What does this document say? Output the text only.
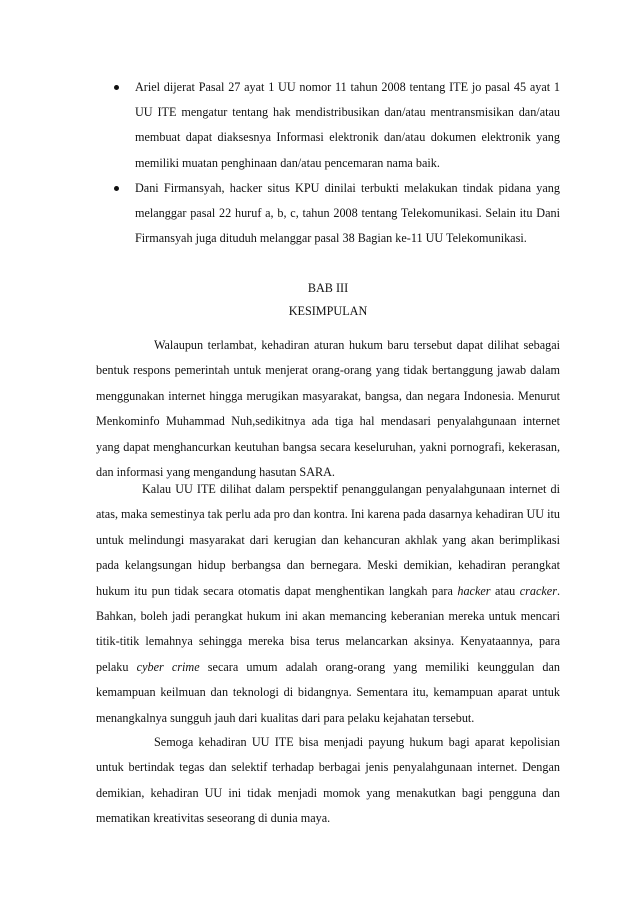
Ariel dijerat Pasal 27 ayat 1 UU nomor 11 tahun 2008 tentang ITE jo pasal 45 ayat 1 UU ITE mengatur tentang hak mendistribusikan dan/atau mentransmisikan dan/atau membuat dapat diaksesnya Informasi elektronik dan/atau dokumen elektronik yang memiliki muatan penghinaan dan/atau pencemaran nama baik.
Dani Firmansyah, hacker situs KPU dinilai terbukti melakukan tindak pidana yang melanggar pasal 22 huruf a, b, c, tahun 2008 tentang Telekomunikasi. Selain itu Dani Firmansyah juga dituduh melanggar pasal 38 Bagian ke-11 UU Telekomunikasi.

BAB III

KESIMPULAN

Walaupun terlambat, kehadiran aturan hukum baru tersebut dapat dilihat sebagai bentuk respons pemerintah untuk menjerat orang-orang yang tidak bertanggung jawab dalam menggunakan internet hingga merugikan masyarakat, bangsa, dan negara Indonesia. Menurut Menkominfo Muhammad Nuh,sedikitnya ada tiga hal mendasari penyalahgunaan internet yang dapat menghancurkan keutuhan bangsa secara keseluruhan, yakni pornografi, kekerasan, dan informasi yang mengandung hasutan SARA.

Kalau UU ITE dilihat dalam perspektif penanggulangan penyalahgunaan internet di atas, maka semestinya tak perlu ada pro dan kontra. Ini karena pada dasarnya kehadiran UU itu untuk melindungi masyarakat dari kerugian dan kehancuran akhlak yang akan berimplikasi pada kelangsungan hidup berbangsa dan bernegara. Meski demikian, kehadiran perangkat hukum itu pun tidak secara otomatis dapat menghentikan langkah para hacker atau cracker. Bahkan, boleh jadi perangkat hukum ini akan memancing keberanian mereka untuk mencari titik-titik lemahnya sehingga mereka bisa terus melancarkan aksinya. Kenyataannya, para pelaku cyber crime secara umum adalah orang-orang yang memiliki keunggulan dan kemampuan keilmuan dan teknologi di bidangnya. Sementara itu, kemampuan aparat untuk menangkalnya sungguh jauh dari kualitas dari para pelaku kejahatan tersebut.

Semoga kehadiran UU ITE bisa menjadi payung hukum bagi aparat kepolisian untuk bertindak tegas dan selektif terhadap berbagai jenis penyalahgunaan internet. Dengan demikian, kehadiran UU ini tidak menjadi momok yang menakutkan bagi pengguna dan mematikan kreativitas seseorang di dunia maya.
